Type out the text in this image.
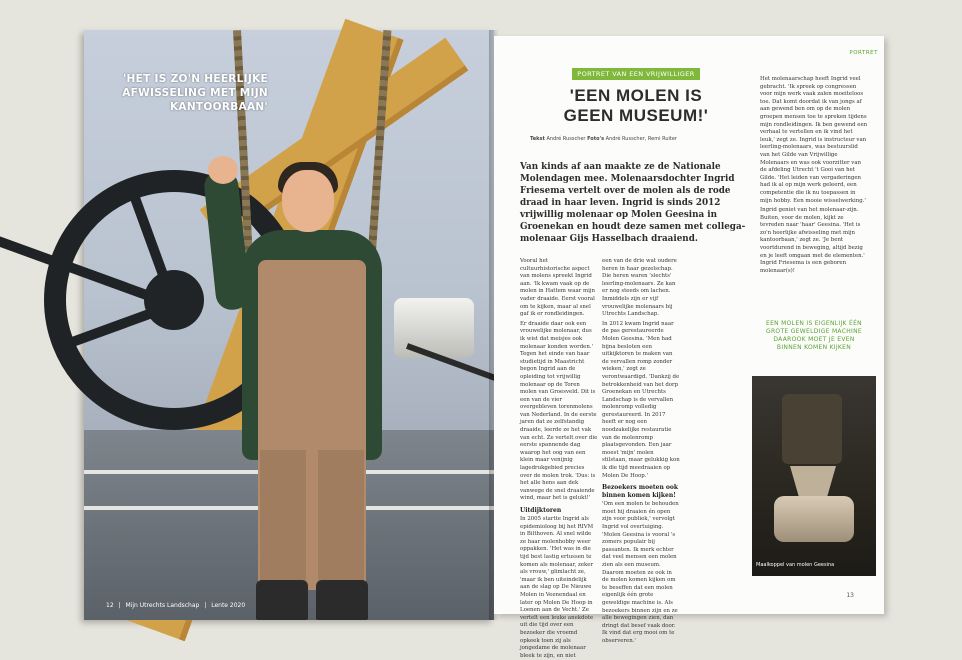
'HET IS ZO'N HEERLIJKE AFWISSELING MET MIJN KANTOORBAAN'

12 | Mijn Utrechts Landschap | Lente 2020
PORTRET
PORTRET VAN EEN VRIJWILLIGER
'EEN MOLEN IS GEEN MUSEUM!'
Tekst André Russcher Foto's André Russcher, Remi Ruiter

Van kinds af aan maakte ze de Nationale Molendagen mee. Molenaarsdochter Ingrid Friesema vertelt over de molen als de rode draad in haar leven. Ingrid is sinds 2012 vrijwillig molenaar op Molen Geesina in Groenekan en houdt deze samen met collega-molenaar Gijs Hasselbach draaiend.

Vooral het cultuurhistorische aspect van molens spreekt Ingrid aan. 'Ik kwam vaak op de molen in Hattem waar mijn vader draaide. Eerst vooral om te kijken, maar al snel gaf ik er rondleidingen.

Er draaide daar ook een vrouwelijke molenaar, dus ik wist dat meisjes ook molenaar konden worden.' Tegen het einde van haar studietijd in Maastricht begon Ingrid aan de opleiding tot vrijwillig molenaar op de Toren molen van Groesveld. Dit is een van de vier overgebleven torenmolens van Nederland. In de eerste jaren dat ze zelfstandig draaide, leerde ze het vak van echt. Ze vertelt over die eerste spannende dag waarop het oog van een klein maar venijnig lagedrukgebied precies over de molen trok. 'Dus: is het alle hens aan dek vanwege de snel draaiende wind, maar het is gelukt!'

Uitdijktoren

In 2005 startte Ingrid als epidemioloog bij het RIVM in Bilthoven. Al snel wilde ze haar molenhobby weer oppakken. 'Het was in die tijd best lastig ertussen te komen als molenaar, zeker als vrouw,' glimlacht ze, 'maar ik ben uiteindelijk aan de slag op De Nieuwe Molen in Veenendaal en later op Molen De Hoop in Loenen aan de Vecht.' Ze vertelt een leuke anekdote uit die tijd over een bezoeker die vroemd opkeek toen zij als jongedame de molenaar bleek te zijn, en niet

een van de drie wat oudere heren in haar gezelschap. Die heren waren 'slechts' leerling-molenaars. Ze kan er nog steeds om lachen. Inmiddels zijn er vijf vrouwelijke molenaars bij Utrechts Landschap.

In 2012 kwam Ingrid naar de pas gerestaureerde Molen Geesina. 'Men had bijna besloten een uitkijktoren te maken van de vervallen romp zonder wieken,' zegt ze verontwaardigd. 'Dankzij de betrokkenheid van het dorp Groenekan en Utrechts Landschap is de vervallen molenromp volledig gerestaureerd. In 2017 heeft er nog een noodzakelijke restauratie van de molenromp plaatsgevonden. Een jaar moest 'mijn' molen stilstaan, maar gelukkig kon ik die tijd meedraaien op Molen De Hoop.'

Bezoekers moeten ook binnen komen kijken!

'Om een molen te behouden moet hij draaien én open zijn voor publiek,' vervolgt Ingrid vol overtuiging. 'Molen Geesina is vooral 's zomers populair bij passanten. Ik merk echter dat veel mensen een molen zien als een museum. Daarom moeten ze ook in de molen komen kijken om te beseffen dat een molen eigenlijk één grote geweldige machine is. Als bezoekers binnen zijn en ze alle bewegingen zien, dan dringt dat besef vaak door. Ik vind dat erg mooi om te observeren.'

Het molenaarschap heeft Ingrid veel gebracht. 'Ik spreek op congressen voor mijn werk vaak zalen moeiteloos toe. Dat komt doordat ik van jongs af aan gewend ben om op de molen groepen mensen toe te spreken tijdens mijn rondleidingen. Ik ben gewend een verhaal te vertellen en ik vind het leuk,' zegt ze. Ingrid is instructeur van leerling-molenaars, was bestuurslid van het Gilde van Vrijwillige Molenaars en was ook voorzitter van de afdeling Utrecht 't Gooi van het Gilde. 'Het leiden van vergaderingen had ik al op mijn werk geleerd, een competentie die ik nu toepassen in mijn hobby. Een mooie wisselwerking.'

Ingrid geniet van het molenaar-zijn. Buiten, voor de molen, kijkt ze tevreden naar 'haar' Geesina. 'Het is zo'n heerlijke afwisseling met mijn kantoorbaan,' zegt ze. 'Je bent voortdurend in beweging, altijd bezig en je leeft omgaan met de elementen.' Ingrid Friesema is een geboren molenaar(s)!

EEN MOLEN IS EIGENLIJK ÉÉN GROTE GEWELDIGE MACHINE DAAROOK MOET JE EVEN BINNEN KOMEN KIJKEN

Maalkoppel van molen Geesina
13
